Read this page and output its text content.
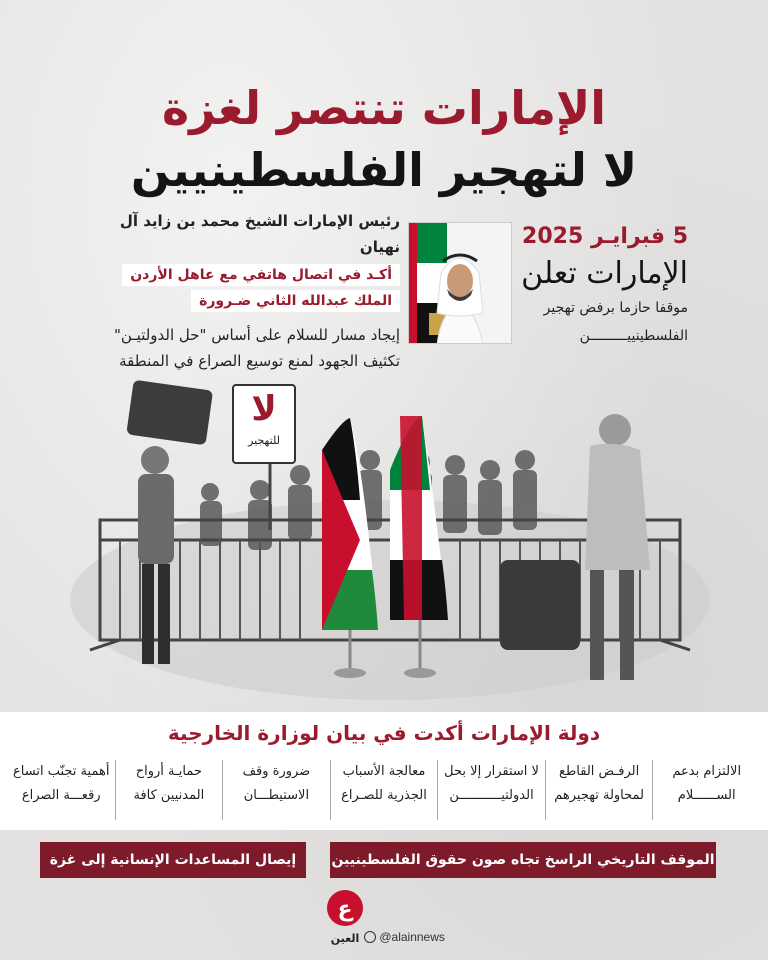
الإمارات تنتصر لغزة
لا لتهجير الفلسطينيين
رئيس الإمارات الشيخ محمد بن زايد آل نهيان
أكـد في اتصال هاتفي مع عاهل الأردن
الملك عبدالله الثاني ضـرورة
إيجاد مسار للسلام على أساس "حل الدولتيـن"
تكثيف الجهود لمنع توسيع الصراع في المنطقة
5 فبرايـر 2025
الإمارات تعلن
موقفا حازما برفض تهجير
الفلسطينييـــــــــن
لا
للتهجير
دولة الإمارات أكدت في بيان لوزارة الخارجية
الالتزام بدعم
الســــــلام
الرفـض القاطع
لمحاولة تهجيرهم
لا استقرار إلا بحل
الدولتيـــــــــــن
معالجة الأسباب
الجذرية للصـراع
ضرورة وقف
الاستيطـــان
حمايـة أرواح
المدنيين كافة
أهمية تجنّب اتساع
رقعـــة الصراع
الموقف التاريخي الراسخ تجاه صون حقوق الفلسطينيين
إيصال المساعدات الإنسانية إلى غزة
ع
العين	@alainnews
